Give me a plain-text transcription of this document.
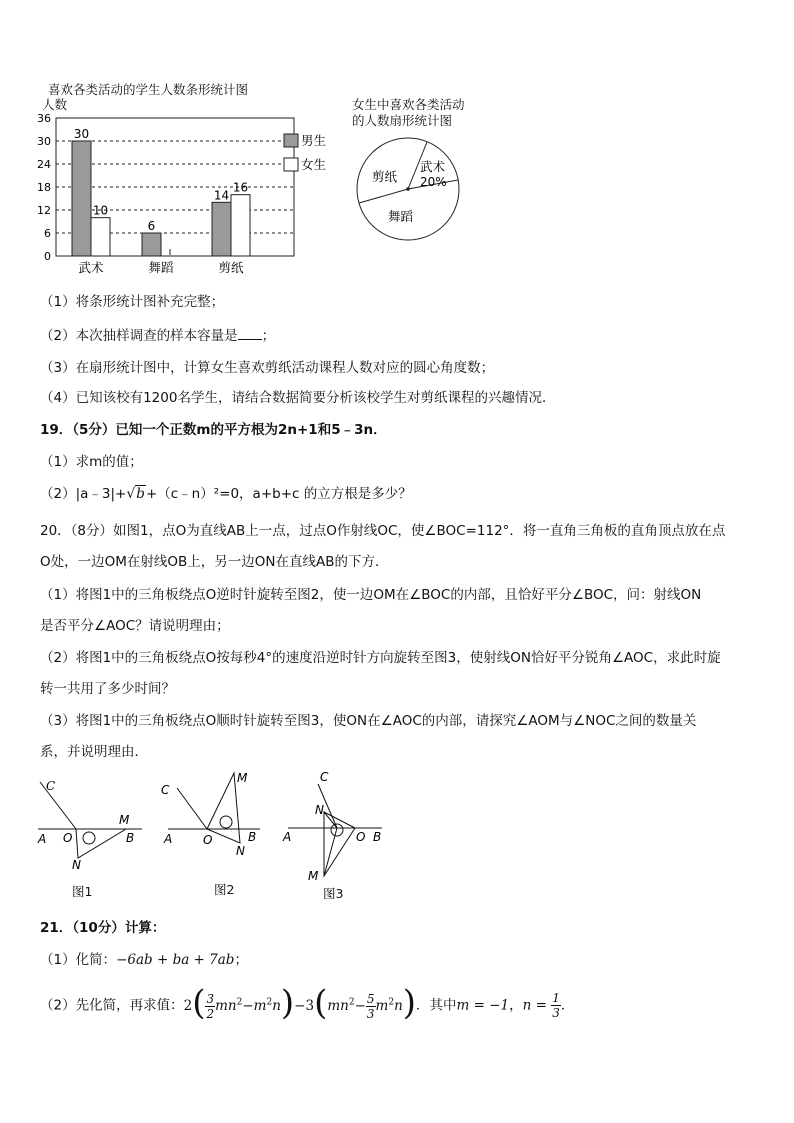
喜欢各类活动的学生人数条形统计图
人数
0
6
12
18
24
30
36
30
10
武术
6
舞蹈
14
16
剪纸
男生
女生
女生中喜欢各类活动
的人数扇形统计图
武术
20%
剪纸
舞蹈
（1）将条形统计图补充完整；
（2）本次抽样调查的样本容量是 ；
（3）在扇形统计图中，计算女生喜欢剪纸活动课程人数对应的圆心角度数；
（4）已知该校有1200名学生，请结合数据简要分析该校学生对剪纸课程的兴趣情况．
19．（5分）已知一个正数m的平方根为2n+1和5﹣3n．
（1）求m的值；
（2）|a﹣3|+√b+（c﹣n）²=0，a+b+c 的立方根是多少？
20．（8分）如图1，点O为直线AB上一点，过点O作射线OC，使∠BOC=112°．将一直角三角板的直角顶点放在点
O处，一边OM在射线OB上，另一边ON在直线AB的下方．
（1）将图1中的三角板绕点O逆时针旋转至图2，使一边OM在∠BOC的内部，且恰好平分∠BOC，问：射线ON
是否平分∠AOC？请说明理由；
（2）将图1中的三角板绕点O按每秒4°的速度沿逆时针方向旋转至图3，使射线ON恰好平分锐角∠AOC，求此时旋
转一共用了多少时间？
（3）将图1中的三角板绕点O顺时针旋转至图3，使ON在∠AOC的内部，请探究∠AOM与∠NOC之间的数量关
系，并说明理由．
C
A O
M
B
N
图1
C
M
A	O	B
N
图2
C
N
A	O B
M
图3
21．（10分）计算：
（1）化简：−6ab + ba + 7ab；
（2）先化简，再求值：$2( \frac{3}{2} mn^2-m^2n)-3(mn^2- \frac{5}{3} m^2n)$．其中m = −1，$n = \frac{1}{3}$ ．
